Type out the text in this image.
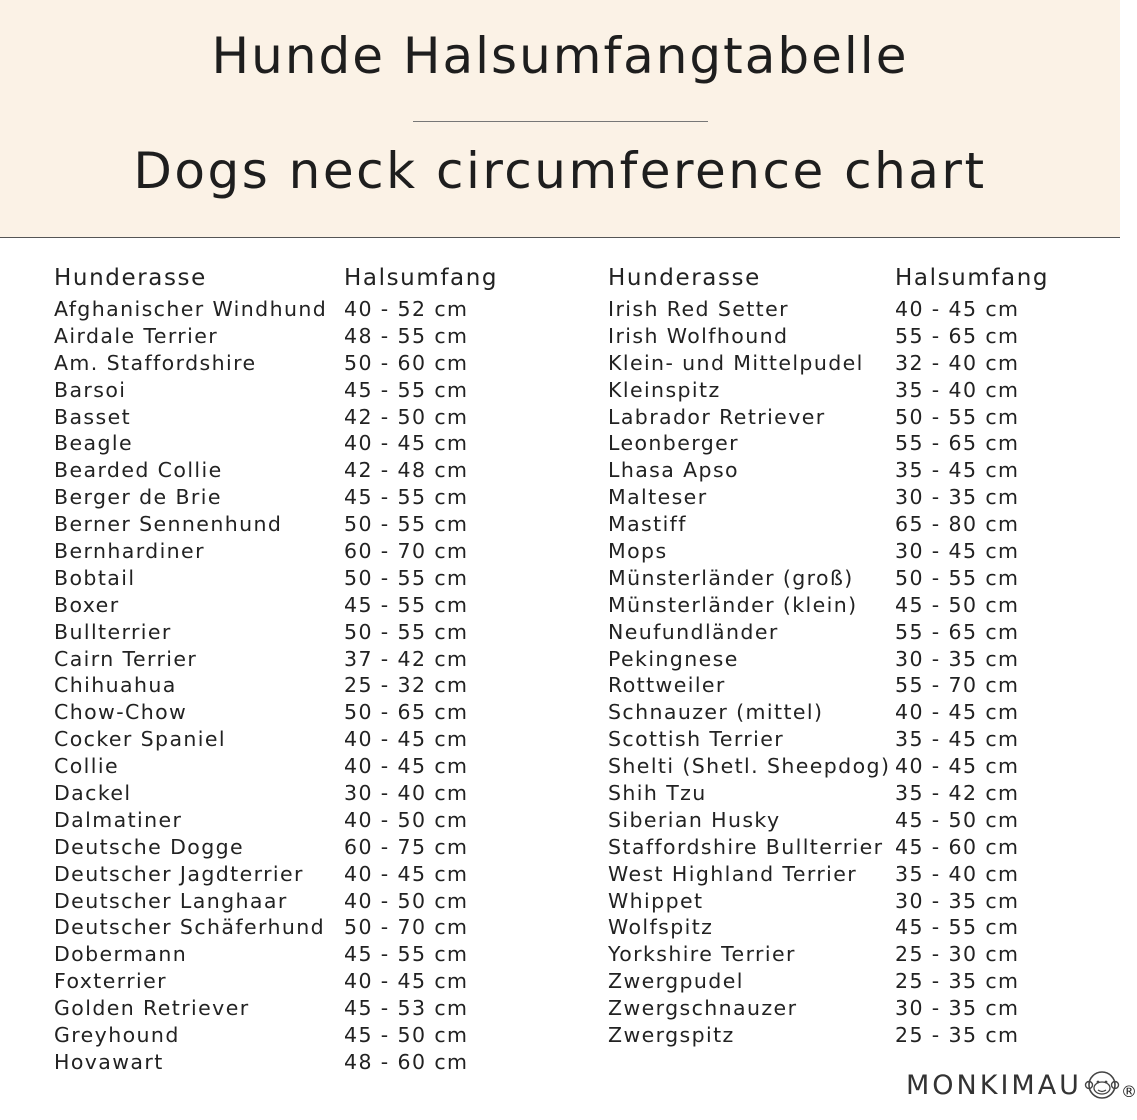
Hunde Halsumfangtabelle
Dogs neck circumference chart
Hunderasse	Halsumfang
Afghanischer Windhund 40 - 52 cm
Airdale Terrier	48 - 55 cm
Am. Staffordshire	50 - 60 cm
Barsoi	45 - 55 cm
Basset	42 - 50 cm
Beagle	40 - 45 cm
Bearded Collie	42 - 48 cm
Berger de Brie	45 - 55 cm
Berner Sennenhund	50 - 55 cm
Bernhardiner	60 - 70 cm
Bobtail	50 - 55 cm
Boxer	45 - 55 cm
Bullterrier	50 - 55 cm
Cairn Terrier	37 - 42 cm
Chihuahua	25 - 32 cm
Chow-Chow	50 - 65 cm
Cocker Spaniel	40 - 45 cm
Collie	40 - 45 cm
Dackel	30 - 40 cm
Dalmatiner	40 - 50 cm
Deutsche Dogge	60 - 75 cm
Deutscher Jagdterrier 40 - 45 cm
Deutscher Langhaar	40 - 50 cm
Deutscher Schäferhund 50 - 70 cm
Dobermann	45 - 55 cm
Foxterrier	40 - 45 cm
Golden Retriever	45 - 53 cm
Greyhound	45 - 50 cm
Hovawart	48 - 60 cm
Hunderasse	Halsumfang
Irish Red Setter	40 - 45 cm
Irish Wolfhound	55 - 65 cm
Klein- und Mittelpudel 32 - 40 cm
Kleinspitz	35 - 40 cm
Labrador Retriever	50 - 55 cm
Leonberger	55 - 65 cm
Lhasa Apso	35 - 45 cm
Malteser	30 - 35 cm
Mastiff	65 - 80 cm
Mops	30 - 45 cm
Münsterländer (groß) 50 - 55 cm
Münsterländer (klein) 45 - 50 cm
Neufundländer	55 - 65 cm
Pekingnese	30 - 35 cm
Rottweiler	55 - 70 cm
Schnauzer (mittel)	40 - 45 cm
Scottish Terrier	35 - 45 cm
Shelti (Shetl. Sheepdog) 40 - 45 cm
Shih Tzu	35 - 42 cm
Siberian Husky	45 - 50 cm
Staffordshire Bullterrier 45 - 60 cm
West Highland Terrier 35 - 40 cm
Whippet	30 - 35 cm
Wolfspitz	45 - 55 cm
Yorkshire Terrier	25 - 30 cm
Zwergpudel	25 - 35 cm
Zwergschnauzer	30 - 35 cm
Zwergspitz	25 - 35 cm
MONKIMAU ®
